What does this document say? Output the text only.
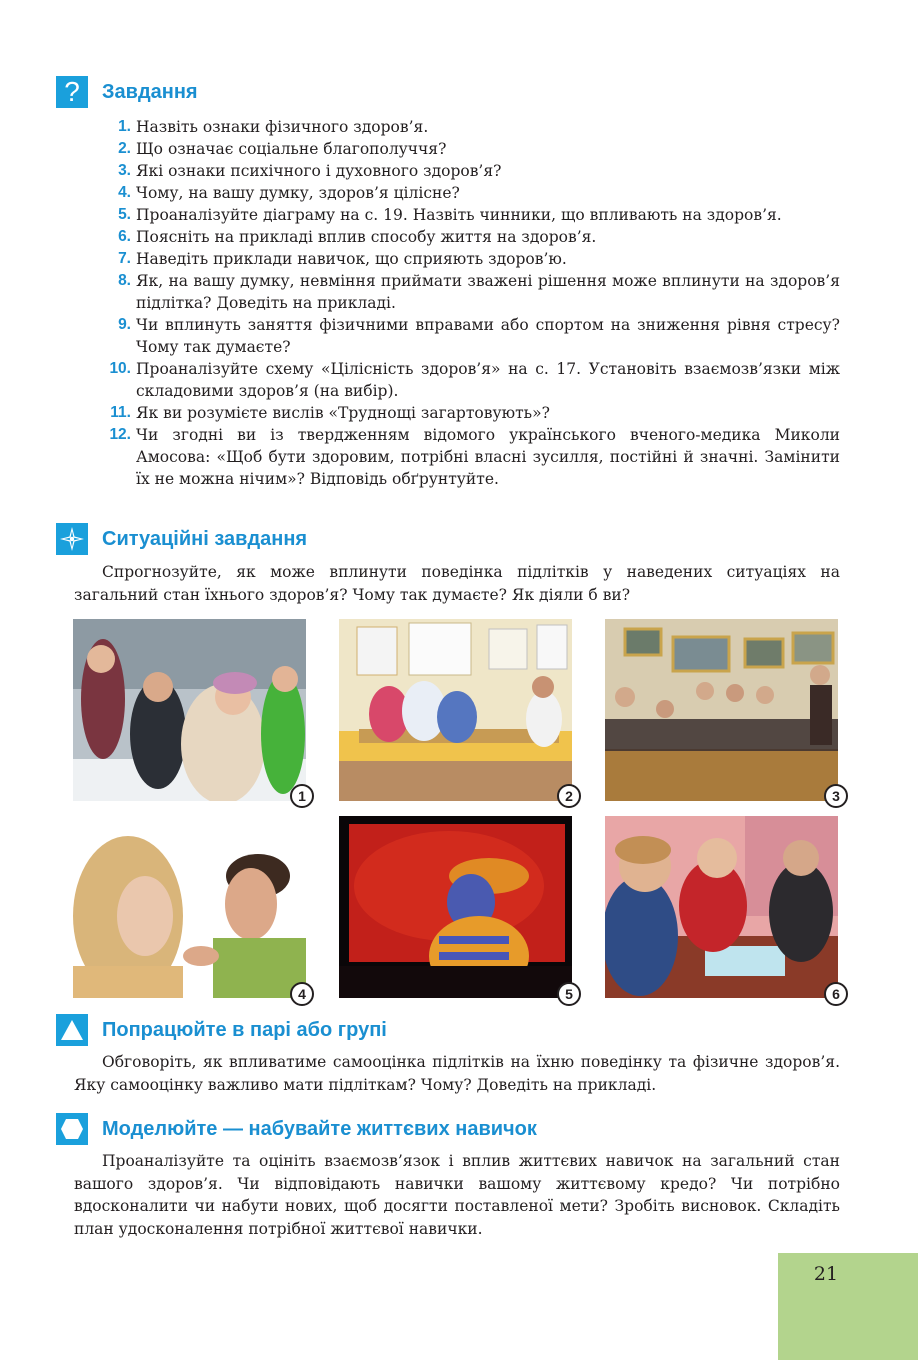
? Завдання
1. Назвіть ознаки фізичного здоров’я.
2. Що означає соціальне благополуччя?
3. Які ознаки психічного і духовного здоров’я?
4. Чому, на вашу думку, здоров’я цілісне?
5. Проаналізуйте діаграму на с. 19. Назвіть чинники, що впливають на здоров’я.
6. Поясніть на прикладі вплив способу життя на здоров’я.
7. Наведіть приклади навичок, що сприяють здоров’ю.
8. Як, на вашу думку, невміння приймати зважені рішення може вплинути на здоров’я підлітка? Доведіть на прикладі.
9. Чи вплинуть заняття фізичними вправами або спортом на зниження рівня стресу? Чому так думаєте?
10. Проаналізуйте схему «Цілісність здоров’я» на с. 17. Установіть взаємозв’язки між складовими здоров’я (на вибір).
11. Як ви розумієте вислів «Труднощі загартовують»?
12. Чи згодні ви із твердженням відомого українського вченого-медика Миколи Амосова: «Щоб бути здоровим, потрібні власні зусилля, постійні й значні. Замінити їх не можна нічим»? Відповідь обґрунтуйте.
Ситуаційні завдання

Спрогнозуйте, як може вплинути поведінка підлітків у наведених ситуаціях на загальний стан їхнього здоров’я? Чому так думаєте? Як діяли б ви?

1	2	3
4	5	6
Попрацюйте в парі або групі

Обговоріть, як впливатиме самооцінка підлітків на їхню поведінку та фізичне здоров’я. Яку самооцінку важливо мати підліткам? Чому? Доведіть на прикладі.

Моделюйте — набувайте життєвих навичок

Проаналізуйте та оцініть взаємозв’язок і вплив життєвих навичок на загальний стан вашого здоров’я. Чи відповідають навички вашому життєвому кредо? Чи потрібно вдосконалити чи набути нових, щоб досягти поставленої мети? Зробіть висновок. Складіть план удосконалення потрібної життєвої навички.

21
